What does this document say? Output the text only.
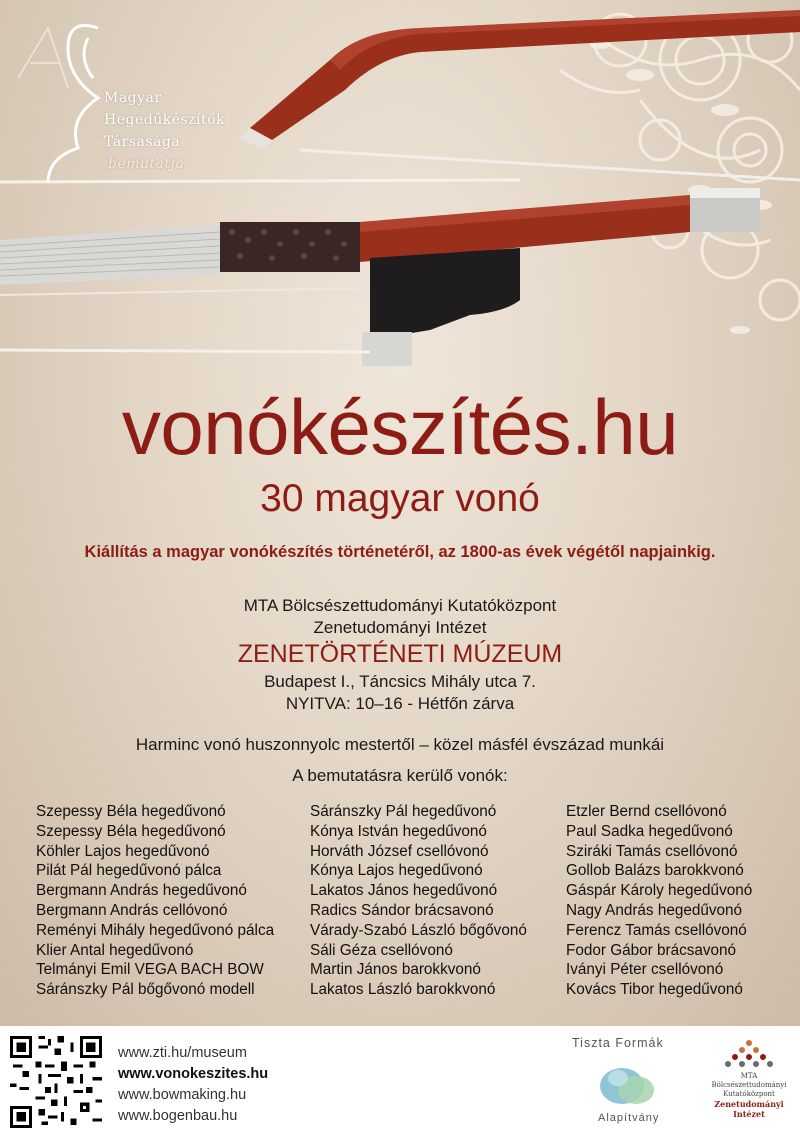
Magyar
Hegedűkészítők
Társasága
bemutatja
vonókészítés.hu
30 magyar vonó
Kiállítás a magyar vonókészítés történetéről, az 1800-as évek végétől napjainkig.
MTA Bölcsészettudományi Kutatóközpont
Zenetudományi Intézet
ZENETÖRTÉNETI MÚZEUM
Budapest I., Táncsics Mihály utca 7.
NYITVA: 10–16 - Hétfőn zárva
Harminc vonó huszonnyolc mestertől – közel másfél évszázad munkái
A bemutatásra kerülő vonók:
Szepessy Béla hegedűvonó
Szepessy Béla hegedűvonó
Köhler Lajos hegedűvonó
Pilát Pál hegedűvonó pálca
Bergmann András hegedűvonó
Bergmann András cellóvonó
Reményi Mihály hegedűvonó pálca
Klier Antal hegedűvonó
Telmányi Emil VEGA BACH BOW
Sáránszky Pál bőgővonó modell
Sáránszky Pál hegedűvonó
Kónya István hegedűvonó
Horváth József csellóvonó
Kónya Lajos hegedűvonó
Lakatos János hegedűvonó
Radics Sándor brácsavonó
Várady-Szabó László bőgővonó
Sáli Géza csellóvonó
Martin János barokkvonó
Lakatos László barokkvonó
Etzler Bernd csellóvonó
Paul Sadka hegedűvonó
Sziráki Tamás csellóvonó
Gollob Balázs barokkvonó
Gáspár Károly hegedűvonó
Nagy András hegedűvonó
Ferencz Tamás csellóvonó
Fodor Gábor brácsavonó
Iványi Péter csellóvonó
Kovács Tibor hegedűvonó
www.zti.hu/museum
www.vonokeszites.hu
www.bowmaking.hu
www.bogenbau.hu
Tiszta Formák
Alapítvány
MTA
Bölcsészettudományi
Kutatóközpont
Zenetudományi
Intézet
